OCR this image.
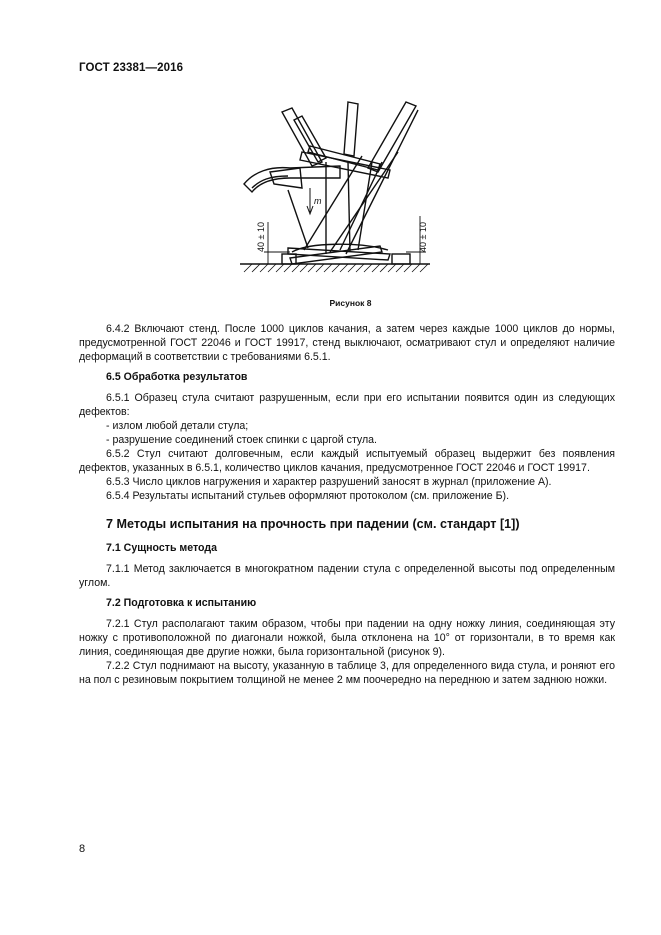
ГОСТ 23381—2016
m
40 ± 10	40 ± 10
Рисунок 8

6.4.2 Включают стенд. После 1000 циклов качания, а затем через каждые 1000 циклов до нормы, предусмотренной ГОСТ 22046 и ГОСТ 19917, стенд выключают, осматривают стул и определяют наличие деформаций в соответствии с требованиями 6.5.1.

6.5 Обработка результатов

6.5.1 Образец стула считают разрушенным, если при его испытании появится один из следующих дефектов:

- излом любой детали стула;

- разрушение соединений стоек спинки с царгой стула.

6.5.2 Стул считают долговечным, если каждый испытуемый образец выдержит без появления дефектов, указанных в 6.5.1, количество циклов качания, предусмотренное ГОСТ 22046 и ГОСТ 19917.

6.5.3 Число циклов нагружения и характер разрушений заносят в журнал (приложение А).

6.5.4 Результаты испытаний стульев оформляют протоколом (см. приложение Б).

7 Методы испытания на прочность при падении (см. стандарт [1])

7.1 Сущность метода

7.1.1 Метод заключается в многократном падении стула с определенной высоты под определенным углом.

7.2 Подготовка к испытанию

7.2.1 Стул располагают таким образом, чтобы при падении на одну ножку линия, соединяющая эту ножку с противоположной по диагонали ножкой, была отклонена на 10° от горизонтали, в то время как линия, соединяющая две другие ножки, была горизонтальной (рисунок 9).

7.2.2 Стул поднимают на высоту, указанную в таблице 3, для определенного вида стула, и роняют его на пол с резиновым покрытием толщиной не менее 2 мм поочередно на переднюю и затем заднюю ножки.

8
